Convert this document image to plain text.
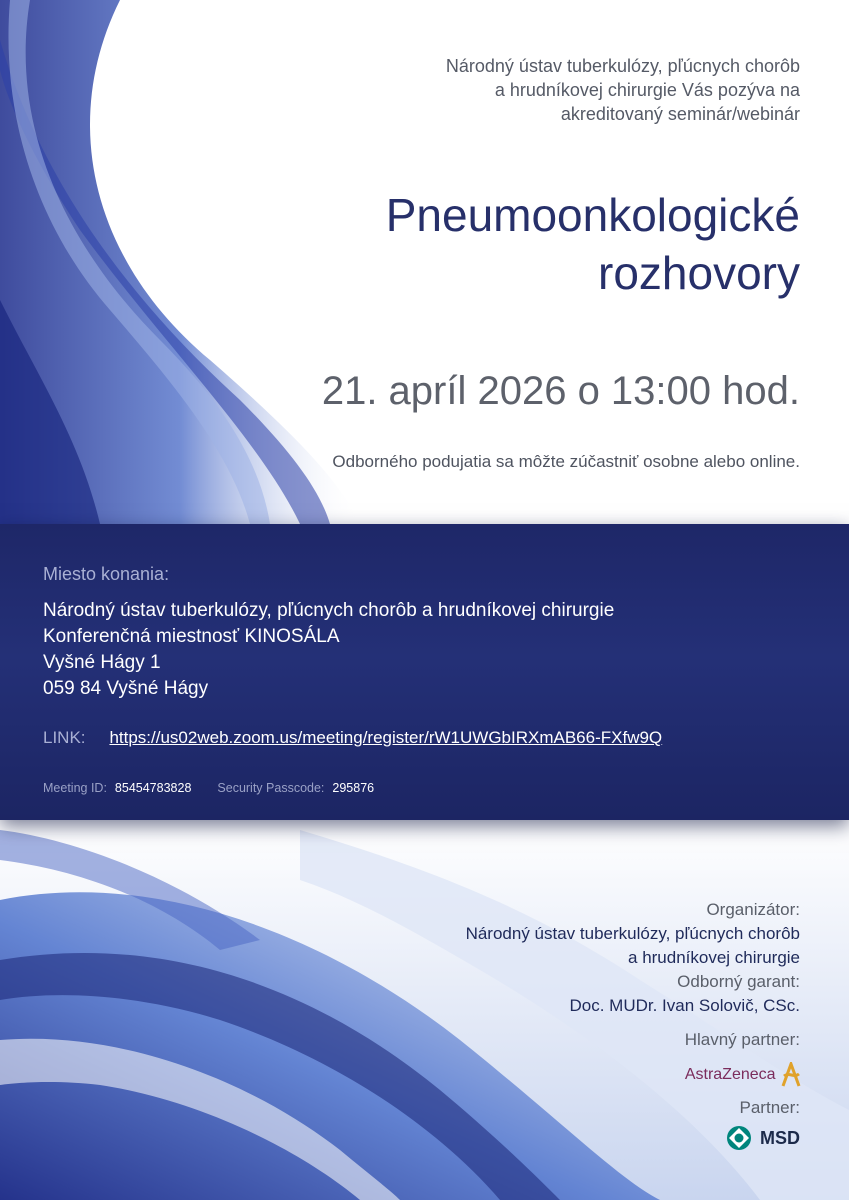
Národný ústav tuberkulózy, pľúcnych chorôb
a hrudníkovej chirurgie Vás pozýva na
akreditovaný seminár/webinár
Pneumoonkologické
rozhovory
21. apríl 2026 o 13:00 hod.
Odborného podujatia sa môžte zúčastniť osobne alebo online.
Miesto konania:
Národný ústav tuberkulózy, pľúcnych chorôb a hrudníkovej chirurgie
Konferenčná miestnosť KINOSÁLA
Vyšné Hágy 1
059 84 Vyšné Hágy
LINK: https://us02web.zoom.us/meeting/register/rW1UWGbIRXmAB66-FXfw9Q
Meeting ID: 85454783828 Security Passcode: 295876
Organizátor:
Národný ústav tuberkulózy, pľúcnych chorôb
a hrudníkovej chirurgie
Odborný garant:
Doc. MUDr. Ivan Solovič, CSc.
Hlavný partner:
Partner:
AstraZeneca
MSD
